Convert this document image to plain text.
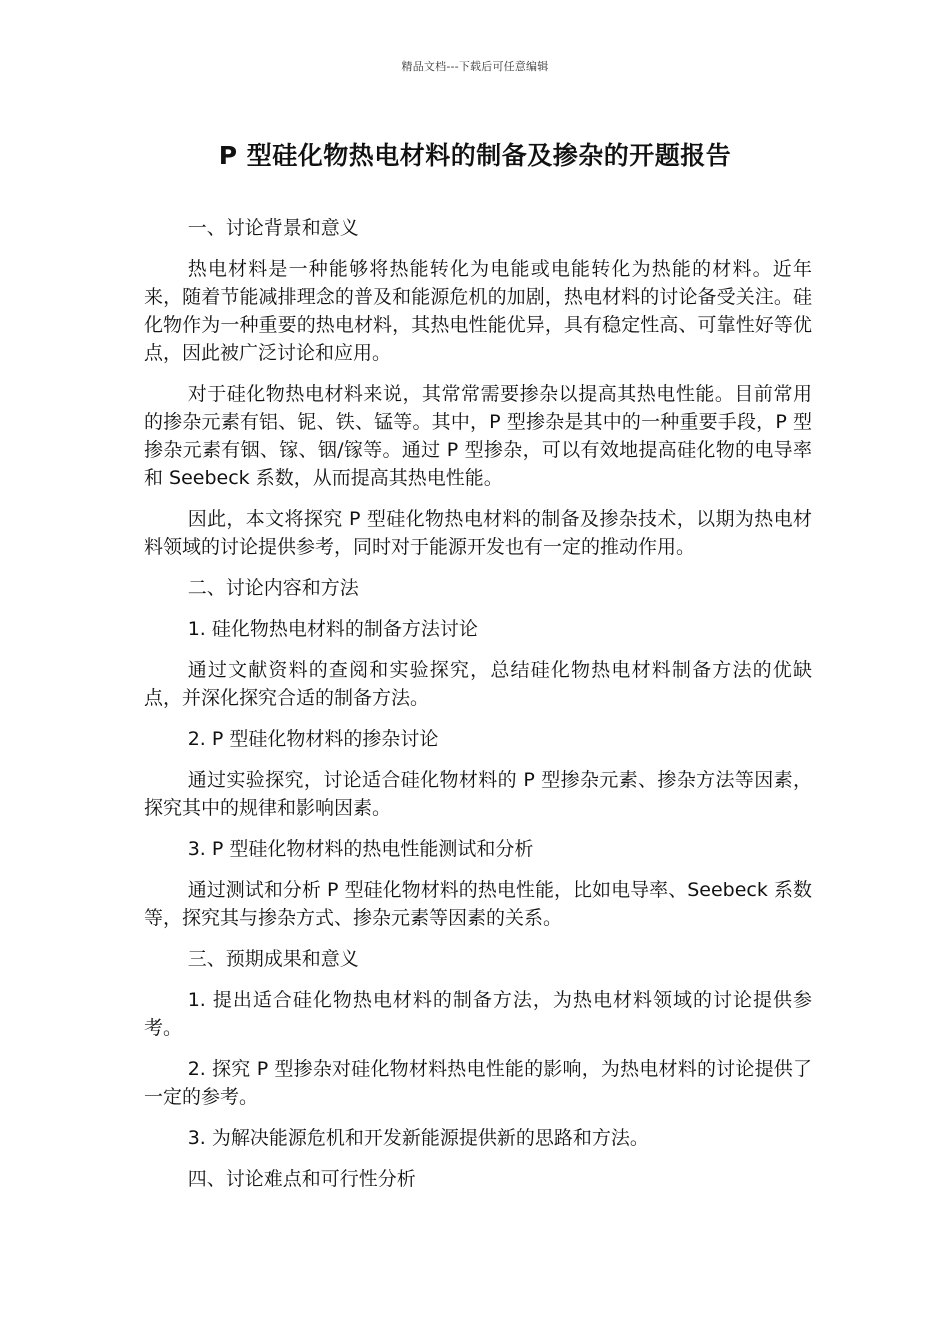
精品文档---下载后可任意编辑
P 型硅化物热电材料的制备及掺杂的开题报告

一、讨论背景和意义

热电材料是一种能够将热能转化为电能或电能转化为热能的材料。近年来，随着节能减排理念的普及和能源危机的加剧，热电材料的讨论备受关注。硅化物作为一种重要的热电材料，其热电性能优异，具有稳定性高、可靠性好等优点，因此被广泛讨论和应用。

对于硅化物热电材料来说，其常常需要掺杂以提高其热电性能。目前常用的掺杂元素有铝、铌、铁、锰等。其中，P 型掺杂是其中的一种重要手段，P 型掺杂元素有铟、镓、铟/镓等。通过 P 型掺杂，可以有效地提高硅化物的电导率和 Seebeck 系数，从而提高其热电性能。

因此，本文将探究 P 型硅化物热电材料的制备及掺杂技术，以期为热电材料领域的讨论提供参考，同时对于能源开发也有一定的推动作用。

二、讨论内容和方法

1. 硅化物热电材料的制备方法讨论

通过文献资料的查阅和实验探究，总结硅化物热电材料制备方法的优缺点，并深化探究合适的制备方法。

2. P 型硅化物材料的掺杂讨论

通过实验探究，讨论适合硅化物材料的 P 型掺杂元素、掺杂方法等因素，探究其中的规律和影响因素。

3. P 型硅化物材料的热电性能测试和分析

通过测试和分析 P 型硅化物材料的热电性能，比如电导率、Seebeck 系数等，探究其与掺杂方式、掺杂元素等因素的关系。

三、预期成果和意义

1. 提出适合硅化物热电材料的制备方法，为热电材料领域的讨论提供参考。

2. 探究 P 型掺杂对硅化物材料热电性能的影响，为热电材料的讨论提供了一定的参考。

3. 为解决能源危机和开发新能源提供新的思路和方法。

四、讨论难点和可行性分析
